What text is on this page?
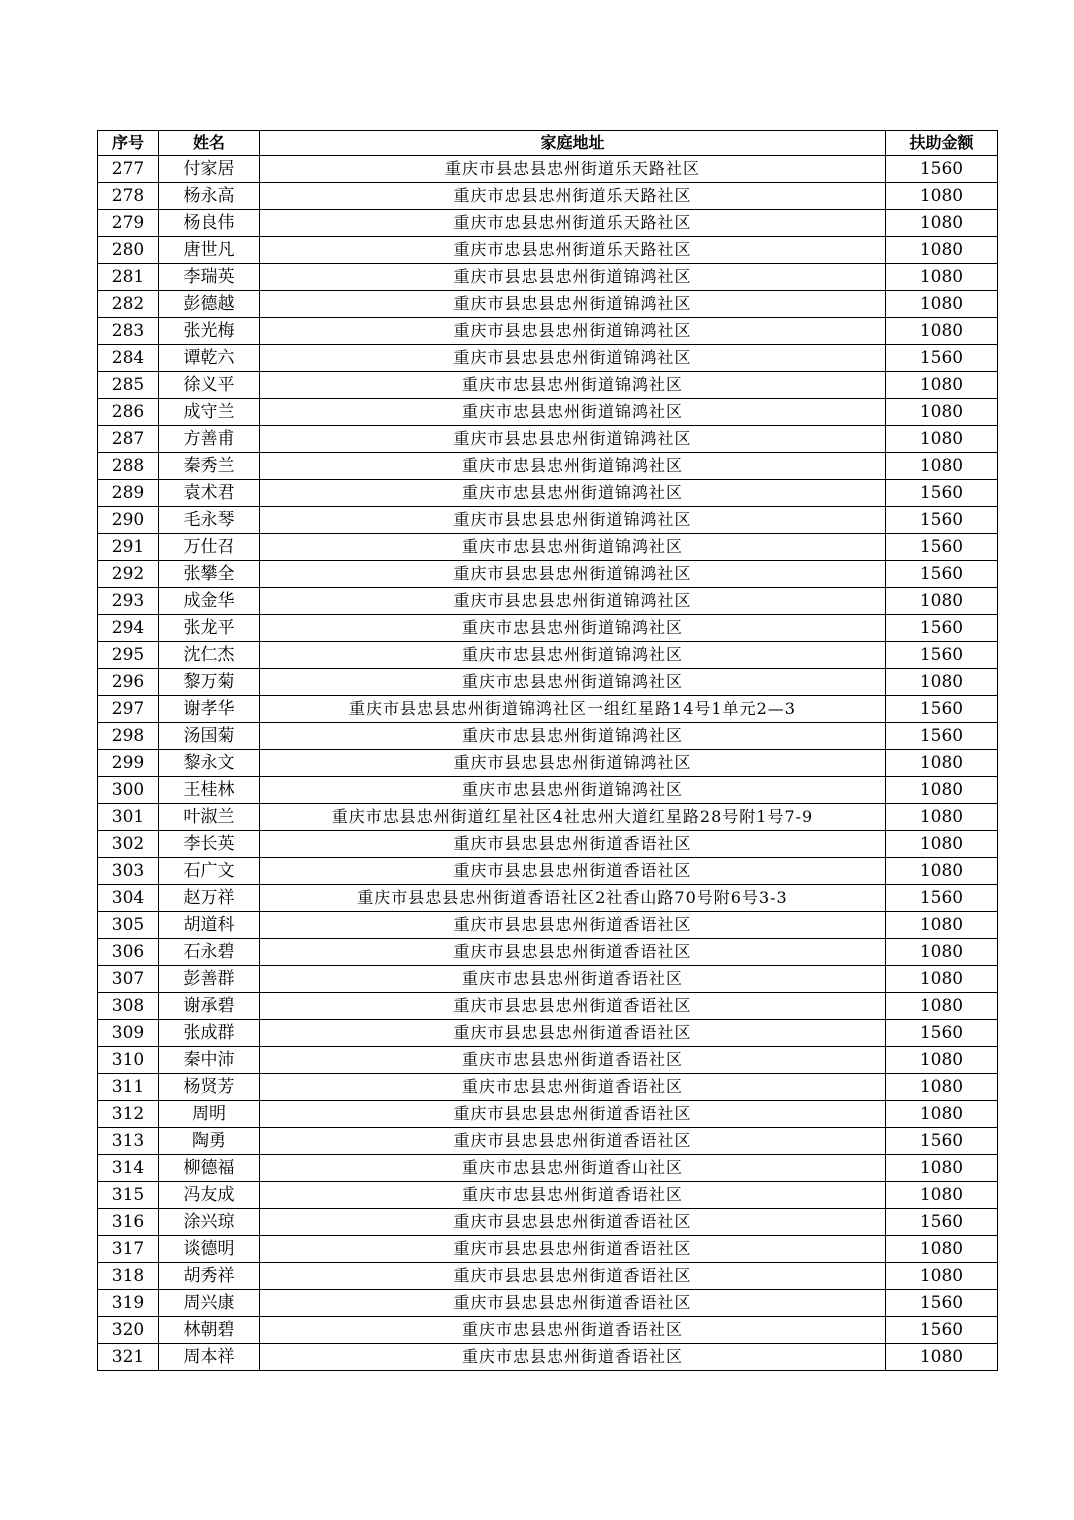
序号	姓名	家庭地址	扶助金额
277	付家居	重庆市县忠县忠州街道乐天路社区	1560
278	杨永高	重庆市忠县忠州街道乐天路社区	1080
279	杨良伟	重庆市忠县忠州街道乐天路社区	1080
280	唐世凡	重庆市忠县忠州街道乐天路社区	1080
281	李瑞英	重庆市县忠县忠州街道锦鸿社区	1080
282	彭德越	重庆市县忠县忠州街道锦鸿社区	1080
283	张光梅	重庆市县忠县忠州街道锦鸿社区	1080
284	谭乾六	重庆市县忠县忠州街道锦鸿社区	1560
285	徐义平	重庆市忠县忠州街道锦鸿社区	1080
286	成守兰	重庆市忠县忠州街道锦鸿社区	1080
287	方善甫	重庆市县忠县忠州街道锦鸿社区	1080
288	秦秀兰	重庆市忠县忠州街道锦鸿社区	1080
289	袁术君	重庆市忠县忠州街道锦鸿社区	1560
290	毛永琴	重庆市县忠县忠州街道锦鸿社区	1560
291	万仕召	重庆市忠县忠州街道锦鸿社区	1560
292	张攀全	重庆市县忠县忠州街道锦鸿社区	1560
293	成金华	重庆市县忠县忠州街道锦鸿社区	1080
294	张龙平	重庆市忠县忠州街道锦鸿社区	1560
295	沈仁杰	重庆市忠县忠州街道锦鸿社区	1560
296	黎万菊	重庆市忠县忠州街道锦鸿社区	1080
297	谢孝华	重庆市县忠县忠州街道锦鸿社区一组红星路14号1单元2—3	1560
298	汤国菊	重庆市忠县忠州街道锦鸿社区	1560
299	黎永文	重庆市县忠县忠州街道锦鸿社区	1080
300	王桂林	重庆市忠县忠州街道锦鸿社区	1080
301	叶淑兰	重庆市忠县忠州街道红星社区4社忠州大道红星路28号附1号7-9	1080
302	李长英	重庆市县忠县忠州街道香语社区	1080
303	石广文	重庆市县忠县忠州街道香语社区	1080
304	赵万祥	重庆市县忠县忠州街道香语社区2社香山路70号附6号3-3	1560
305	胡道科	重庆市县忠县忠州街道香语社区	1080
306	石永碧	重庆市县忠县忠州街道香语社区	1080
307	彭善群	重庆市忠县忠州街道香语社区	1080
308	谢承碧	重庆市县忠县忠州街道香语社区	1080
309	张成群	重庆市县忠县忠州街道香语社区	1560
310	秦中沛	重庆市忠县忠州街道香语社区	1080
311	杨贤芳	重庆市忠县忠州街道香语社区	1080
312	周明	重庆市县忠县忠州街道香语社区	1080
313	陶勇	重庆市县忠县忠州街道香语社区	1560
314	柳德福	重庆市忠县忠州街道香山社区	1080
315	冯友成	重庆市忠县忠州街道香语社区	1080
316	涂兴琼	重庆市县忠县忠州街道香语社区	1560
317	谈德明	重庆市县忠县忠州街道香语社区	1080
318	胡秀祥	重庆市县忠县忠州街道香语社区	1080
319	周兴康	重庆市县忠县忠州街道香语社区	1560
320	林朝碧	重庆市忠县忠州街道香语社区	1560
321	周本祥	重庆市忠县忠州街道香语社区	1080
